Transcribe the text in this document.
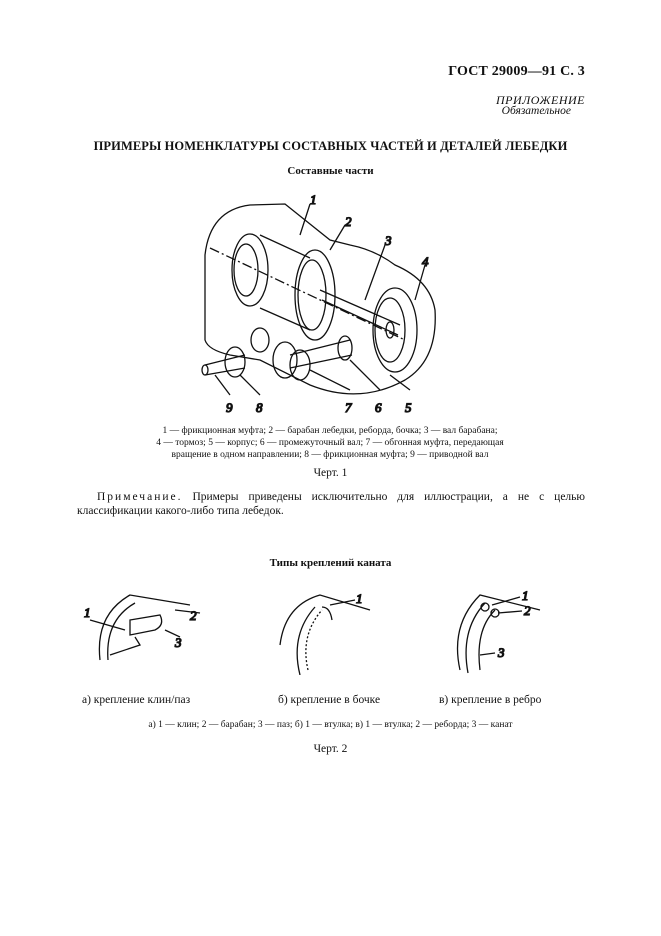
ГОСТ 29009—91 С. 3
ПРИЛОЖЕНИЕ
Обязательное
ПРИМЕРЫ НОМЕНКЛАТУРЫ СОСТАВНЫХ ЧАСТЕЙ И ДЕТАЛЕЙ ЛЕБЕДКИ
Составные части
1
2
3
4
5
6
7
8
9
1 — фрикционная муфта; 2 — барабан лебедки, реборда, бочка; 3 — вал барабана;
4 — тормоз; 5 — корпус; 6 — промежуточный вал; 7 — обгонная муфта, передающая
вращение в одном направлении; 8 — фрикционная муфта; 9 — приводной вал
Черт. 1
Примечание. Примеры приведены исключительно для иллюстрации, а не с целью классификации какого-либо типа лебедок.
Типы креплений каната
1	2
3
1	1
2
3
а) крепление клин/паз	б) крепление в бочке	в) крепление в ребро
а) 1 — клин; 2 — барабан; 3 — паз; б) 1 — втулка; в) 1 — втулка; 2 — реборда; 3 — канат
Черт. 2
